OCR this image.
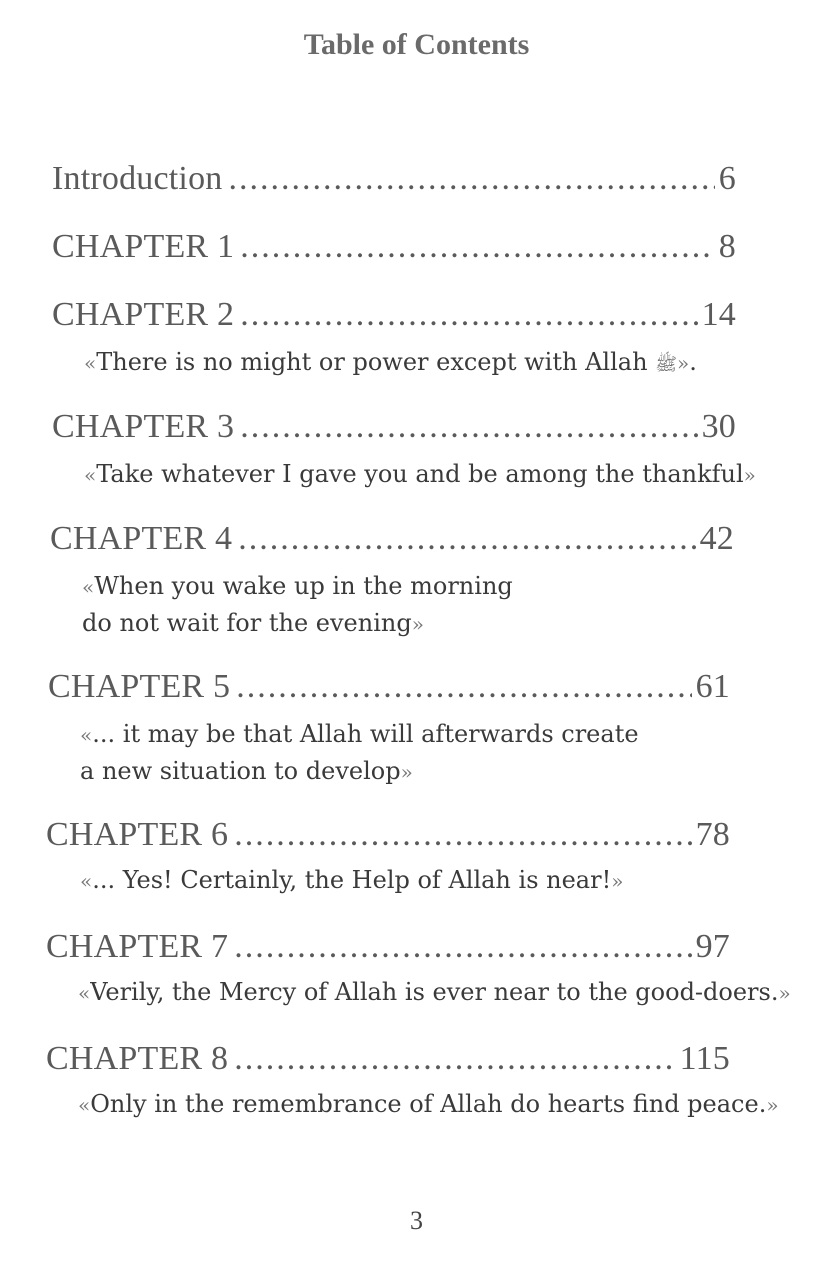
Table of Contents
Introduction .....	6
CHAPTER 1 .....	8
CHAPTER 2 .....	14
«There is no might or power except with Allah ﷺ».
CHAPTER 3 .....	30
«Take whatever I gave you and be among the thankful»
CHAPTER 4 .....	42
«When you wake up in the morning
do not wait for the evening»
CHAPTER 5 .....	61
«... it may be that Allah will afterwards create
a new situation to develop»
CHAPTER 6 .....	78
«... Yes! Certainly, the Help of Allah is near!»
CHAPTER 7 .....	97
«Verily, the Mercy of Allah is ever near to the good-doers.»
CHAPTER 8 .....	115
«Only in the remembrance of Allah do hearts find peace.»
3
